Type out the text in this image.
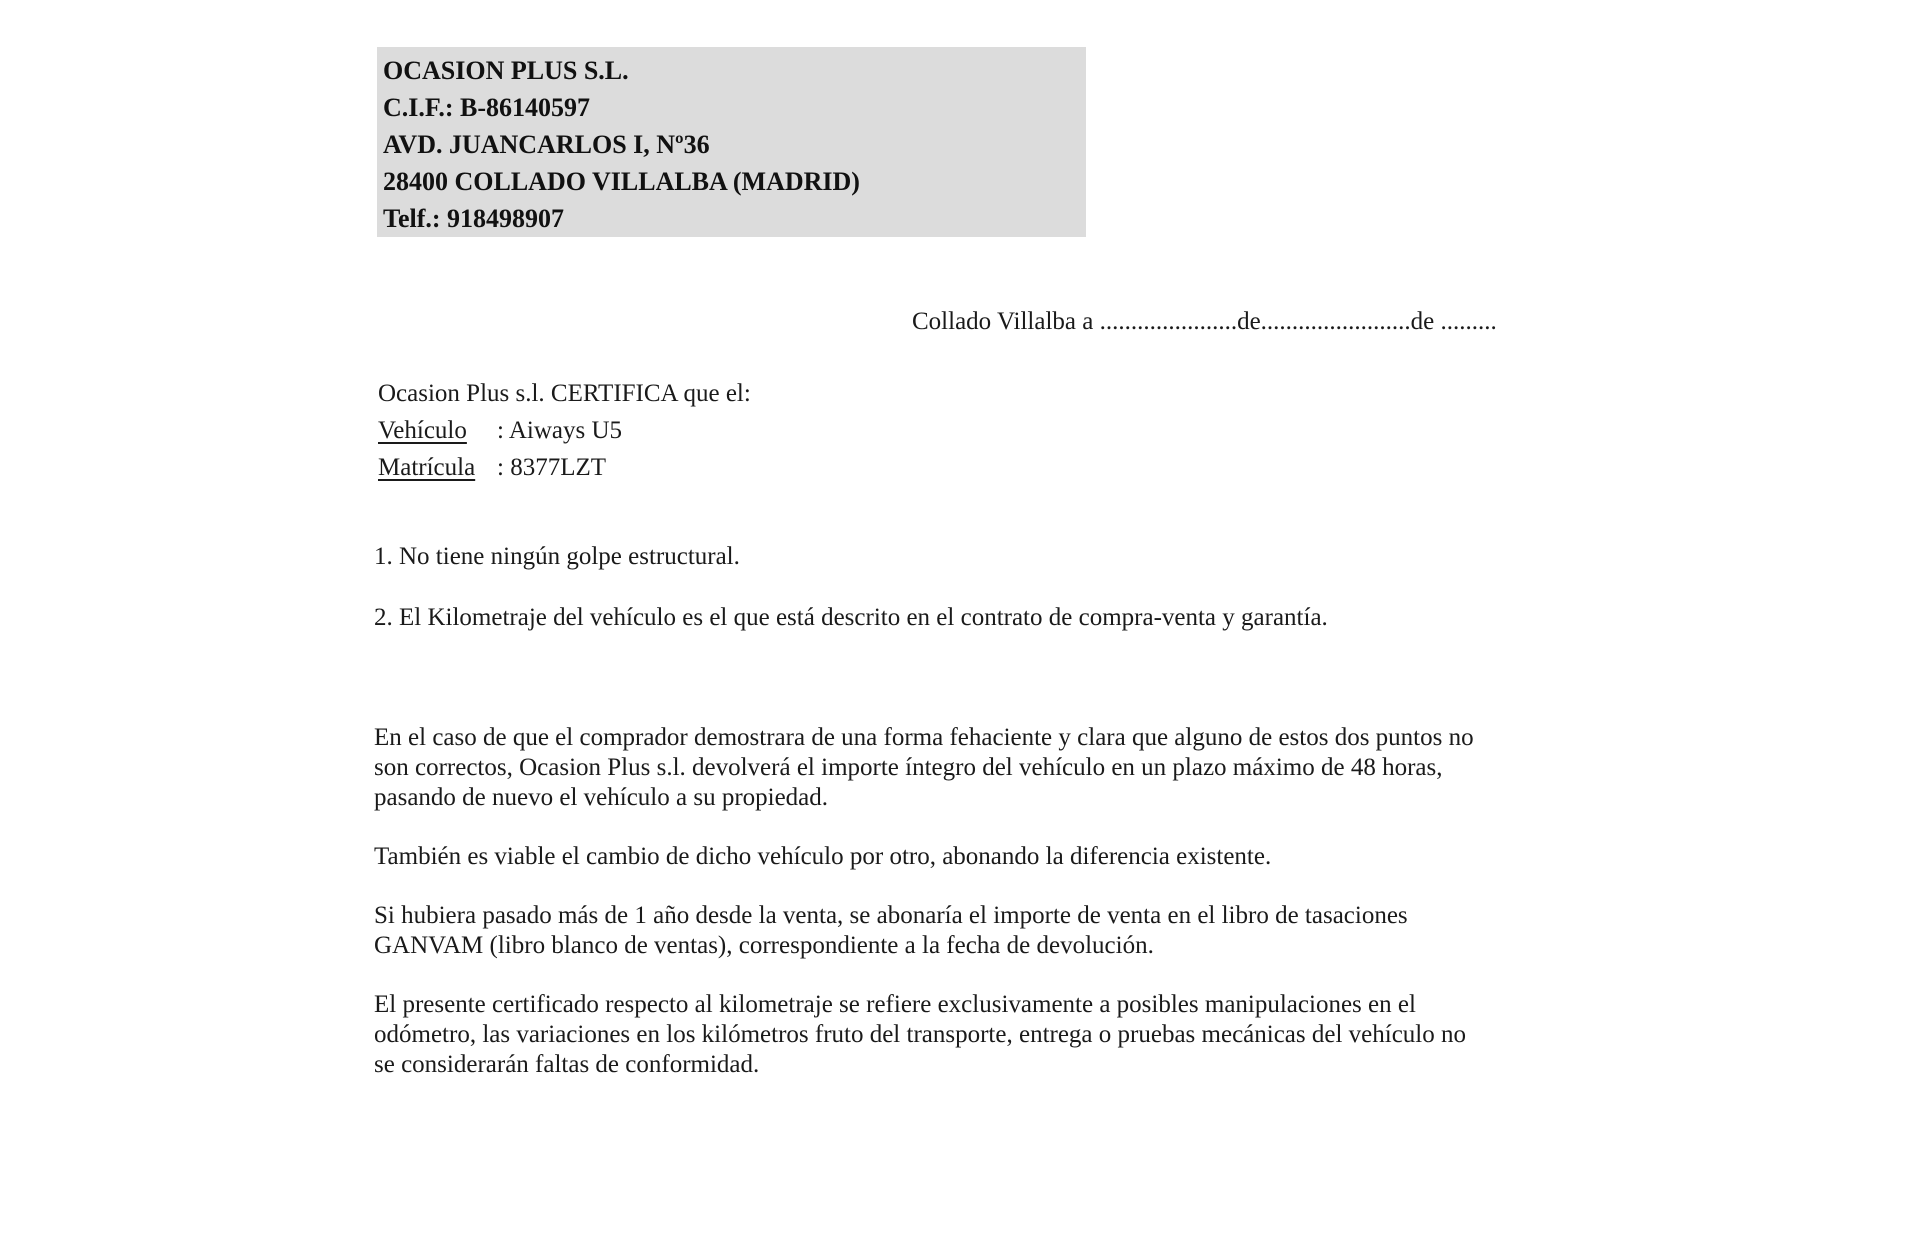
OCASION PLUS S.L.
C.I.F.: B-86140597
AVD. JUANCARLOS I, Nº36
28400 COLLADO VILLALBA (MADRID)
Telf.: 918498907
Collado Villalba a ......................de........................de .........
Ocasion Plus s.l. CERTIFICA que el:
Vehículo : Aiways U5
Matrícula : 8377LZT
1. No tiene ningún golpe estructural.
2. El Kilometraje del vehículo es el que está descrito en el contrato de compra-venta y garantía.
En el caso de que el comprador demostrara de una forma fehaciente y clara que alguno de estos dos puntos no
son correctos, Ocasion Plus s.l. devolverá el importe íntegro del vehículo en un plazo máximo de 48 horas,
pasando de nuevo el vehículo a su propiedad.
También es viable el cambio de dicho vehículo por otro, abonando la diferencia existente.
Si hubiera pasado más de 1 año desde la venta, se abonaría el importe de venta en el libro de tasaciones
GANVAM (libro blanco de ventas), correspondiente a la fecha de devolución.
El presente certificado respecto al kilometraje se refiere exclusivamente a posibles manipulaciones en el
odómetro, las variaciones en los kilómetros fruto del transporte, entrega o pruebas mecánicas del vehículo no
se considerarán faltas de conformidad.
